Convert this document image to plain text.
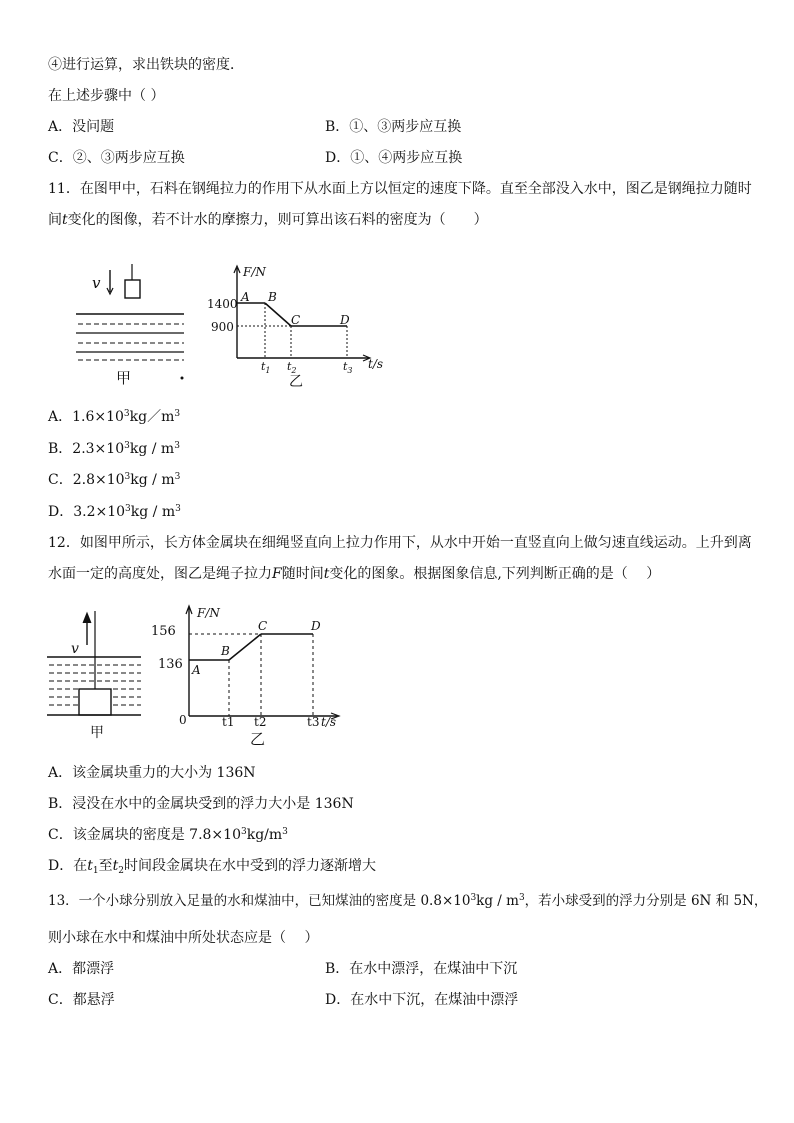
④进行运算，求出铁块的密度．
在上述步骤中（ ）
A．没问题	B．①、③两步应互换
C．②、③两步应互换	D．①、④两步应互换
11．在图甲中，石料在钢绳拉力的作用下从水面上方以恒定的速度下降。直至全部没入水中，图乙是钢绳拉力随时
间t变化的图像，若不计水的摩擦力，则可算出该石料的密度为（　　）
v
甲
F/N
t/s
1400
900
A B
C	D
$t_1$ $t_2$	$t_3$
乙
A．$1.6\times 10^3kg/m^3$
B．$2.3\times 10^3kg / m^3$
C．$2.8\times 10^3kg / m^3$
D．$3.2\times 10^3kg / m^3$
12．如图甲所示，长方体金属块在细绳竖直向上拉力作用下，从水中开始一直竖直向上做匀速直线运动。上升到离
水面一定的高度处，图乙是绳子拉力F随时间t变化的图象。根据图象信息,下列判断正确的是（　 ）
v
甲
F/N
t/s
156
136
0
A
B
C	D
t1 t2	t3
乙
A．该金属块重力的大小为 136N
B．浸没在水中的金属块受到的浮力大小是 136N
C．该金属块的密度是 $7.8\times 10^3kg/m^3$
D．在$t_1$至$t_2$时间段金属块在水中受到的浮力逐渐增大
13．一个小球分别放入足量的水和煤油中，已知煤油的密度是 $0.8\times 10^3kg / m^3$，若小球受到的浮力分别是 6N 和 5N，
则小球在水中和煤油中所处状态应是（　 ）
A．都漂浮	B．在水中漂浮，在煤油中下沉
C．都悬浮	D．在水中下沉，在煤油中漂浮
